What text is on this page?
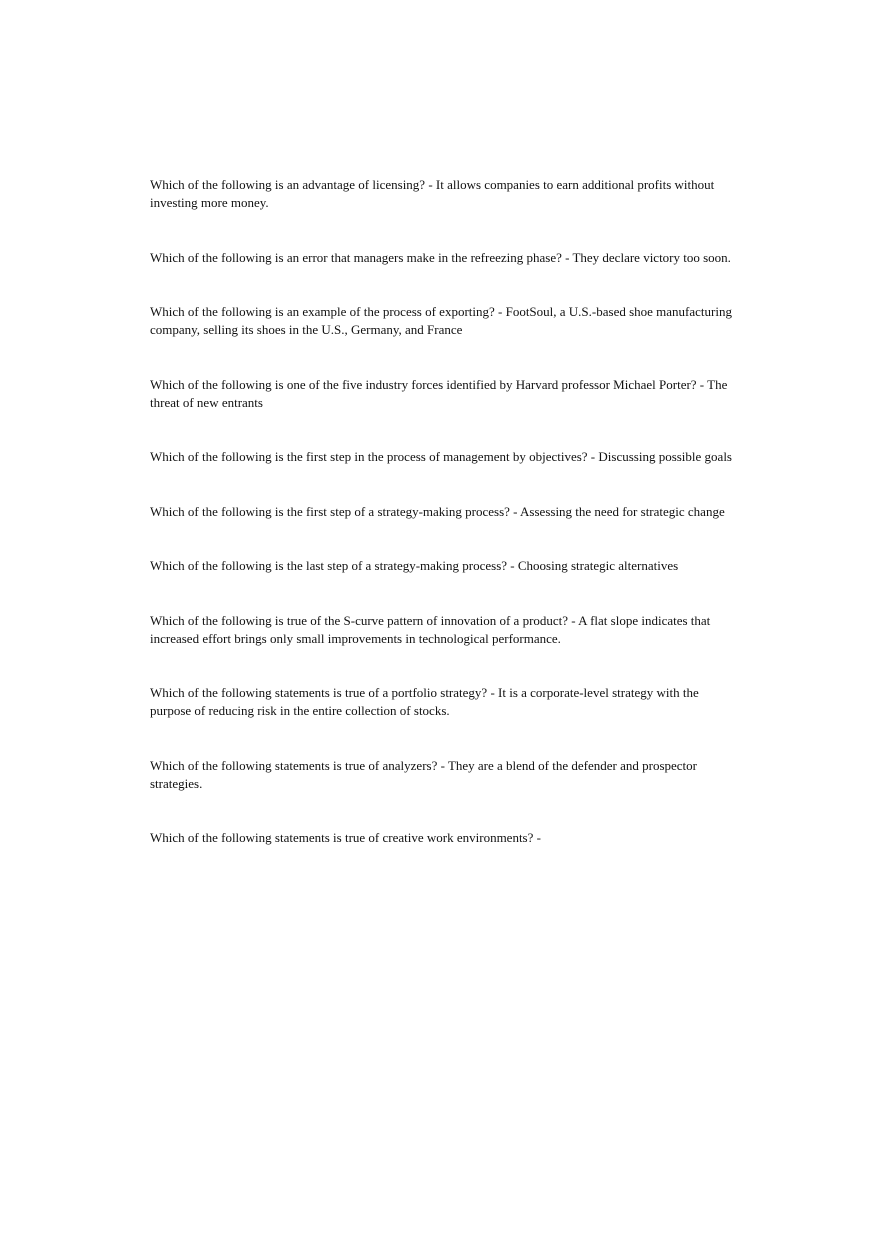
Which of the following is an advantage of licensing? - It allows companies to earn additional profits without investing more money.
Which of the following is an error that managers make in the refreezing phase? - They declare victory too soon.
Which of the following is an example of the process of exporting? - FootSoul, a U.S.-based shoe manufacturing company, selling its shoes in the U.S., Germany, and France
Which of the following is one of the five industry forces identified by Harvard professor Michael Porter? - The threat of new entrants
Which of the following is the first step in the process of management by objectives? - Discussing possible goals
Which of the following is the first step of a strategy-making process? - Assessing the need for strategic change
Which of the following is the last step of a strategy-making process? - Choosing strategic alternatives
Which of the following is true of the S-curve pattern of innovation of a product? - A flat slope indicates that increased effort brings only small improvements in technological performance.
Which of the following statements is true of a portfolio strategy? - It is a corporate-level strategy with the purpose of reducing risk in the entire collection of stocks.
Which of the following statements is true of analyzers? - They are a blend of the defender and prospector strategies.
Which of the following statements is true of creative work environments? -
